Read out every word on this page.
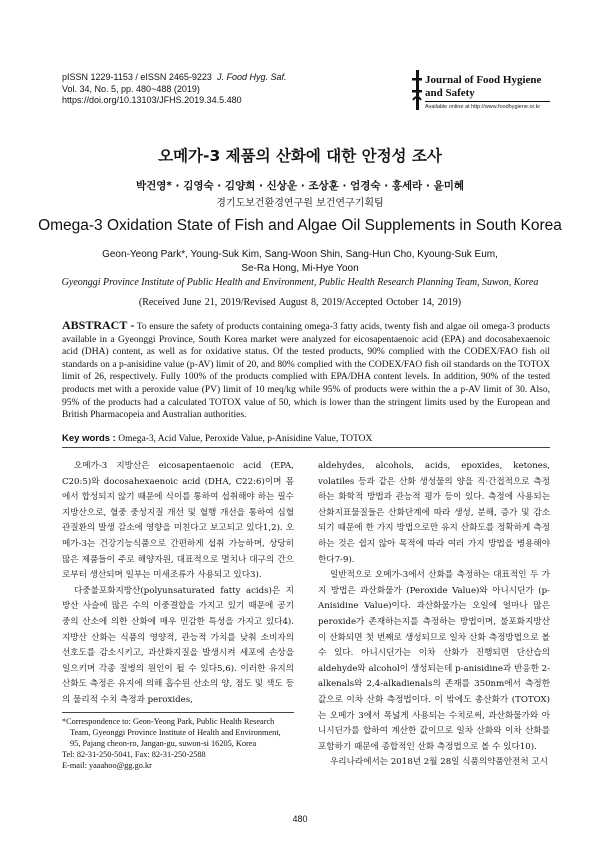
pISSN 1229-1153 / eISSN 2465-9223 J. Food Hyg. Saf.
Vol. 34, No. 5, pp. 480~488 (2019)
https://doi.org/10.13103/JFHS.2019.34.5.480
Journal of Food Hygiene
and Safety
Available online at http://www.foodhygiene.or.kr
오메가-3 제품의 산화에 대한 안정성 조사
박건영* · 김영숙 · 김양희 · 신상운 · 조상훈 · 엄경숙 · 홍세라 · 윤미혜
경기도보건환경연구원 보건연구기획팀
Omega-3 Oxidation State of Fish and Algae Oil Supplements in South Korea
Geon-Yeong Park*, Young-Suk Kim, Sang-Woon Shin, Sang-Hun Cho, Kyoung-Suk Eum,
Se-Ra Hong, Mi-Hye Yoon
Gyeonggi Province Institute of Public Health and Environment, Public Health Research Planning Team, Suwon, Korea
(Received June 21, 2019/Revised August 8, 2019/Accepted October 14, 2019)
ABSTRACT - To ensure the safety of products containing omega-3 fatty acids, twenty fish and algae oil omega-3 products available in a Gyeonggi Province, South Korea market were analyzed for eicosapentaenoic acid (EPA) and docosahexaenoic acid (DHA) content, as well as for oxidative status. Of the tested products, 90% complied with the CODEX/FAO fish oil standards on a p-anisidine value (p-AV) limit of 20, and 80% complied with the CODEX/FAO fish oil standards on the TOTOX limit of 26, respectively. Fully 100% of the products complied with EPA/DHA content levels. In addition, 90% of the tested products met with a peroxide value (PV) limit of 10 meq/kg while 95% of products were within the a p-AV limit of 30. Also, 95% of the products had a calculated TOTOX value of 50, which is lower than the stringent limits used by the European and British Pharmacopeia and Australian authorities.
Key words : Omega-3, Acid Value, Peroxide Value, p-Anisidine Value, TOTOX

오메가-3 지방산은 eicosapentaenoic acid (EPA, C20:5)와 docosahexaenoic acid (DHA, C22:6)이며 몸에서 합성되지 않기 때문에 식이를 통하여 섭취해야 하는 필수 지방산으로, 혈중 중성지질 개선 및 혈행 개선을 통하여 심혈관질환의 발생 감소에 영향을 미친다고 보고되고 있다1,2). 오메가-3는 건강기능식품으로 간편하게 섭취 가능하며, 상당히 많은 제품들이 주로 해양자원, 대표적으로 멸치나 대구의 간으로부터 생산되며 일부는 미세조류가 사용되고 있다3).

다중불포화지방산(polyunsaturated fatty acids)은 지방산 사슬에 많은 수의 이중결합을 가지고 있기 때문에 공기 중의 산소에 의한 산화에 매우 민감한 특성을 가지고 있다4). 지방산 산화는 식품의 영양적, 관능적 가치를 낮춰 소비자의 선호도를 감소시키고, 과산화지질을 발생시켜 세포에 손상을 일으키며 각종 질병의 원인이 될 수 있다5,6). 이러한 유지의 산화도 측정은 유지에 의해 흡수된 산소의 양, 점도 및 색도 등의 물리적 수치 측정과 peroxides,

aldehydes, alcohols, acids, epoxides, ketones, volatiles 등과 같은 산화 생성물의 양을 직·간접적으로 측정하는 화학적 방법과 관능적 평가 등이 있다. 측정에 사용되는 산화지표물질들은 산화단계에 따라 생성, 분해, 증가 및 감소되기 때문에 한 가지 방법으로만 유지 산화도를 정확하게 측정하는 것은 쉽지 않아 목적에 따라 여러 가지 방법을 병용해야 한다7-9).

일반적으로 오메가-3에서 산화를 측정하는 대표적인 두 가지 방법은 과산화물가 (Peroxide Value)와 아니시딘가 (p-Anisidine Value)이다. 과산화물가는 오일에 얼마나 많은 peroxide가 존재하는지를 측정하는 방법이며, 불포화지방산이 산화되면 첫 번째로 생성되므로 일차 산화 측정방법으로 볼 수 있다. 아니시딘가는 이차 산화가 진행되면 단산습의 aldehyde와 alcohol이 생성되는데 p-anisidine과 반응한 2-alkenals와 2,4-alkadienals의 존재를 350nm에서 측정한 값으로 이차 산화 측정법이다. 이 밖에도 총산화가 (TOTOX)는 오메가 3에서 폭넓게 사용되는 수치로써, 과산화물가와 아니시딘가를 합하여 계산한 값이므로 일차 산화와 이차 산화를 포함하기 때문에 종합적인 산화 측정법으로 볼 수 있다10).

우리나라에서는 2018년 2월 28일 식품의약품안전처 고시

*Correspondence to: Geon-Yeong Park, Public Health Research
Team, Gyeonggi Province Institute of Health and Environment,
95, Pajang cheon-ro, Jangan-gu, suwon-si 16205, Korea
Tel: 82-31-250-5041, Fax: 82-31-250-2588
E-mail: yaaahoo@gg.go.kr
480
